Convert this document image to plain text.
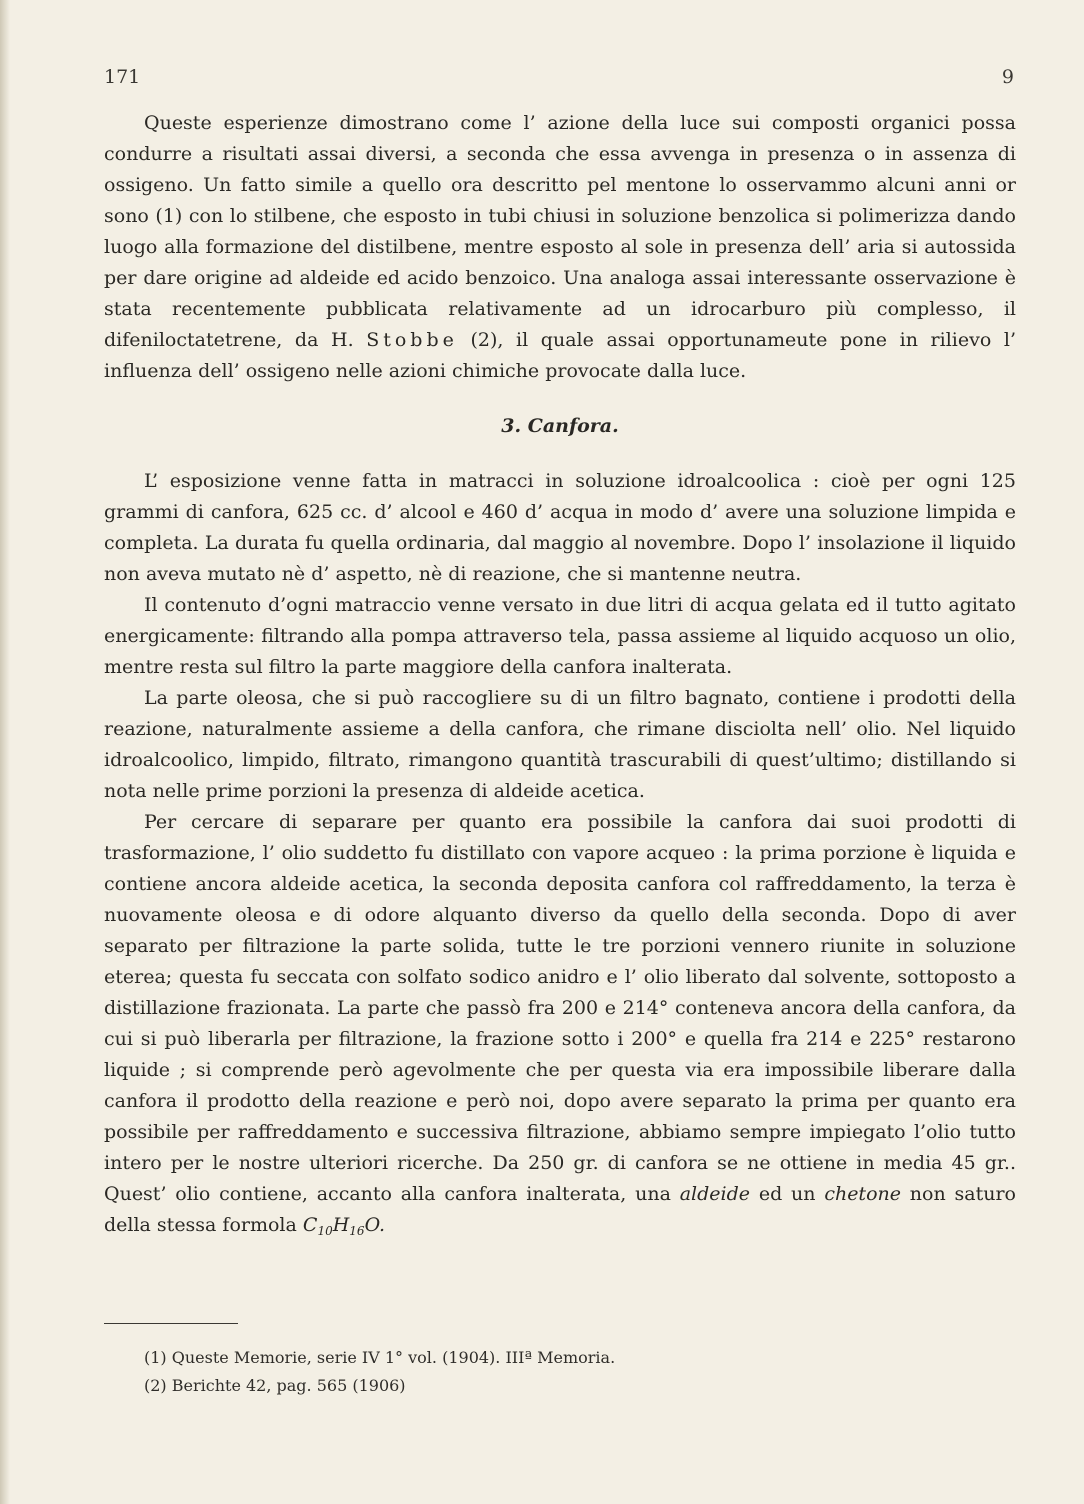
171	9

Queste esperienze dimostrano come l’ azione della luce sui composti organici possa condurre a risultati assai diversi, a seconda che essa avvenga in presenza o in assenza di ossigeno. Un fatto simile a quello ora descritto pel mentone lo osservammo alcuni anni or sono (1) con lo stilbene, che esposto in tubi chiusi in soluzione benzolica si polimerizza dando luogo alla formazione del distilbene, mentre esposto al sole in presenza dell’ aria si autossida per dare origine ad aldeide ed acido benzoico. Una analoga assai interessante osservazione è stata recentemente pubblicata relativamente ad un idrocarburo più complesso, il difeniloctatetrene, da H. Stobbe (2), il quale assai opportunameute pone in rilievo l’ influenza dell’ ossigeno nelle azioni chimiche provocate dalla luce.

3. Canfora.

L’ esposizione venne fatta in matracci in soluzione idroalcoolica : cioè per ogni 125 grammi di canfora, 625 cc. d’ alcool e 460 d’ acqua in modo d’ avere una soluzione limpida e completa. La durata fu quella ordinaria, dal maggio al novembre. Dopo l’ insolazione il liquido non aveva mutato nè d’ aspetto, nè di reazione, che si mantenne neutra.

Il contenuto d’ogni matraccio venne versato in due litri di acqua gelata ed il tutto agitato energicamente: filtrando alla pompa attraverso tela, passa assieme al liquido acquoso un olio, mentre resta sul filtro la parte maggiore della canfora inalterata.

La parte oleosa, che si può raccogliere su di un filtro bagnato, contiene i prodotti della reazione, naturalmente assieme a della canfora, che rimane disciolta nell’ olio. Nel liquido idroalcoolico, limpido, filtrato, rimangono quantità trascurabili di quest’ultimo; distillando si nota nelle prime porzioni la presenza di aldeide acetica.

Per cercare di separare per quanto era possibile la canfora dai suoi prodotti di trasformazione, l’ olio suddetto fu distillato con vapore acqueo : la prima porzione è liquida e contiene ancora aldeide acetica, la seconda deposita canfora col raffreddamento, la terza è nuovamente oleosa e di odore alquanto diverso da quello della seconda. Dopo di aver separato per filtrazione la parte solida, tutte le tre porzioni vennero riunite in soluzione eterea; questa fu seccata con solfato sodico anidro e l’ olio liberato dal solvente, sottoposto a distillazione frazionata. La parte che passò fra 200 e 214° conteneva ancora della canfora, da cui si può liberarla per filtrazione, la frazione sotto i 200° e quella fra 214 e 225° restarono liquide ; si comprende però agevolmente che per questa via era impossibile liberare dalla canfora il prodotto della reazione e però noi, dopo avere separato la prima per quanto era possibile per raffreddamento e successiva filtrazione, abbiamo sempre impiegato l’olio tutto intero per le nostre ulteriori ricerche. Da 250 gr. di canfora se ne ottiene in media 45 gr.. Quest’ olio contiene, accanto alla canfora inalterata, una aldeide ed un chetone non saturo della stessa formola $C_{10}H_{16}O$.

(1) Queste Memorie, serie IV 1° vol. (1904). IIIª Memoria.
(2) Berichte 42, pag. 565 (1906)
